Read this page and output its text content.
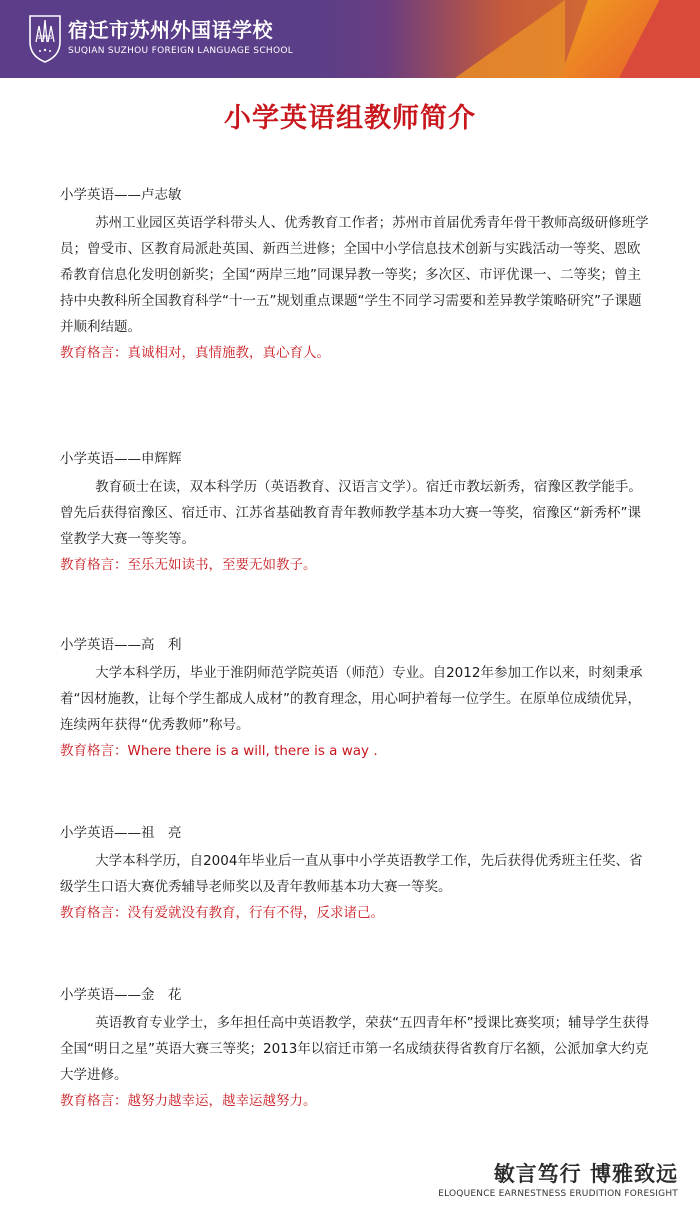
SSFLS 宿迁市苏州外国语学校
SUQIAN SUZHOU FOREIGN LANGUAGE SCHOOL
小学英语组教师简介
小学英语——卢志敏

苏州工业园区英语学科带头人、优秀教育工作者；苏州市首届优秀青年骨干教师高级研修班学员；曾受市、区教育局派赴英国、新西兰进修；全国中小学信息技术创新与实践活动一等奖、恩欧希教育信息化发明创新奖；全国“两岸三地”同课异教一等奖；多次区、市评优课一、二等奖；曾主持中央教科所全国教育科学“十一五”规划重点课题“学生不同学习需要和差异教学策略研究”子课题并顺利结题。

教育格言：真诚相对，真情施教，真心育人。
小学英语——申辉辉

教育硕士在读，双本科学历（英语教育、汉语言文学）。宿迁市教坛新秀，宿豫区教学能手。曾先后获得宿豫区、宿迁市、江苏省基础教育青年教师教学基本功大赛一等奖，宿豫区“新秀杯”课堂教学大赛一等奖等。

教育格言：至乐无如读书，至要无如教子。
小学英语——高　利

大学本科学历，毕业于淮阴师范学院英语（师范）专业。自2012年参加工作以来，时刻秉承着“因材施教，让每个学生都成人成材”的教育理念，用心呵护着每一位学生。在原单位成绩优异，连续两年获得“优秀教师”称号。

教育格言：Where there is a will, there is a way .
小学英语——祖　亮

大学本科学历，自2004年毕业后一直从事中小学英语教学工作，先后获得优秀班主任奖、省级学生口语大赛优秀辅导老师奖以及青年教师基本功大赛一等奖。

教育格言：没有爱就没有教育，行有不得，反求诸己。
小学英语——金　花

英语教育专业学士，多年担任高中英语教学，荣获“五四青年杯”授课比赛奖项；辅导学生获得全国“明日之星”英语大赛三等奖；2013年以宿迁市第一名成绩获得省教育厅名额，公派加拿大约克大学进修。

教育格言：越努力越幸运，越幸运越努力。
敏言笃行 博雅致远
ELOQUENCE EARNESTNESS ERUDITION FORESIGHT
